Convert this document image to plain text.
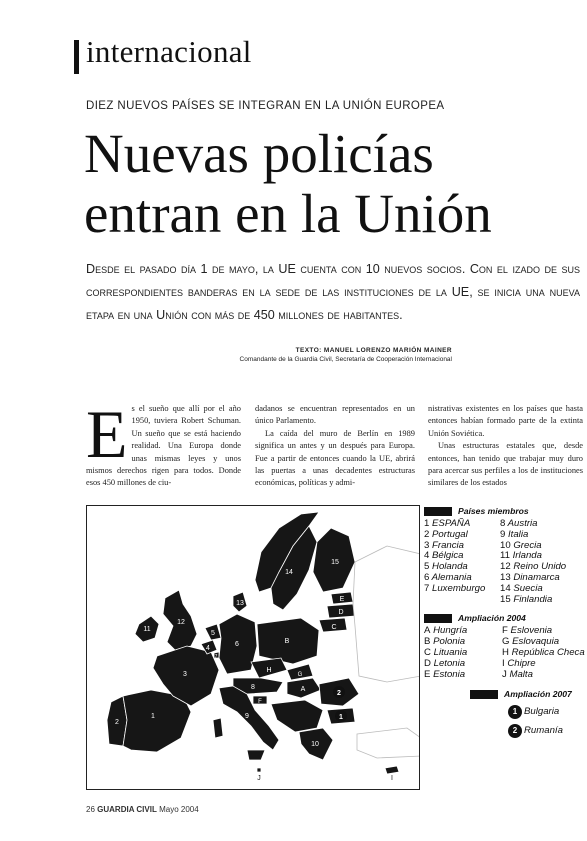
internacional
DIEZ NUEVOS PAÍSES SE INTEGRAN EN LA UNIÓN EUROPEA
Nuevas policías
entran en la Unión
Desde el pasado día 1 de mayo, la UE cuenta con 10 nuevos socios. Con el izado de sus correspondientes banderas en la sede de las instituciones de la UE, se inicia una nueva etapa en una Unión con más de 450 millones de habitantes.
TEXTO: MANUEL LORENZO MARIÓN MAINER
Comandante de la Guardia Civil, Secretaría de Cooperación Internacional
E s el sueño que allí por el año 1950, tuviera Robert Schuman. Un sueño que se está haciendo realidad. Una Europa donde unas mismas leyes y unos mismos derechos rigen para todos. Donde esos 450 millones de ciu-
dadanos se encuentran representados en un único Parlamento.
La caída del muro de Berlín en 1989 significa un antes y un después para Europa. Fue a partir de entonces cuando la UE, abrirá las puertas a unas decadentes estructuras económicas, políticas y admi-
nistrativas existentes en los países que hasta entonces habían formado parte de la extinta Unión Soviética.
Unas estructuras estatales que, desde entonces, han tenido que trabajar muy duro para acercar sus perfiles a los de instituciones similares de los estados
1
2
3
4
5
6
7
8
9
10
11
12
13
14
15
A
B
C
D
E
F
G
H
I
J
2
1
Países miembros
1 ESPAÑA	8 Austria
2 Portugal	9 Italia
3 Francia	10 Grecia
4 Bélgica	11 Irlanda
5 Holanda	12 Reino Unido
6 Alemania	13 Dinamarca
7 Luxemburgo	14 Suecia
15 Finlandia
Ampliación 2004
A Hungría	F Eslovenia
B Polonia	G Eslovaquia
C Lituania	H República Checa
D Letonia	I Chipre
E Estonia	J Malta
Ampliación 2007
1 Bulgaria
2 Rumanía
26 GUARDIA CIVIL Mayo 2004
